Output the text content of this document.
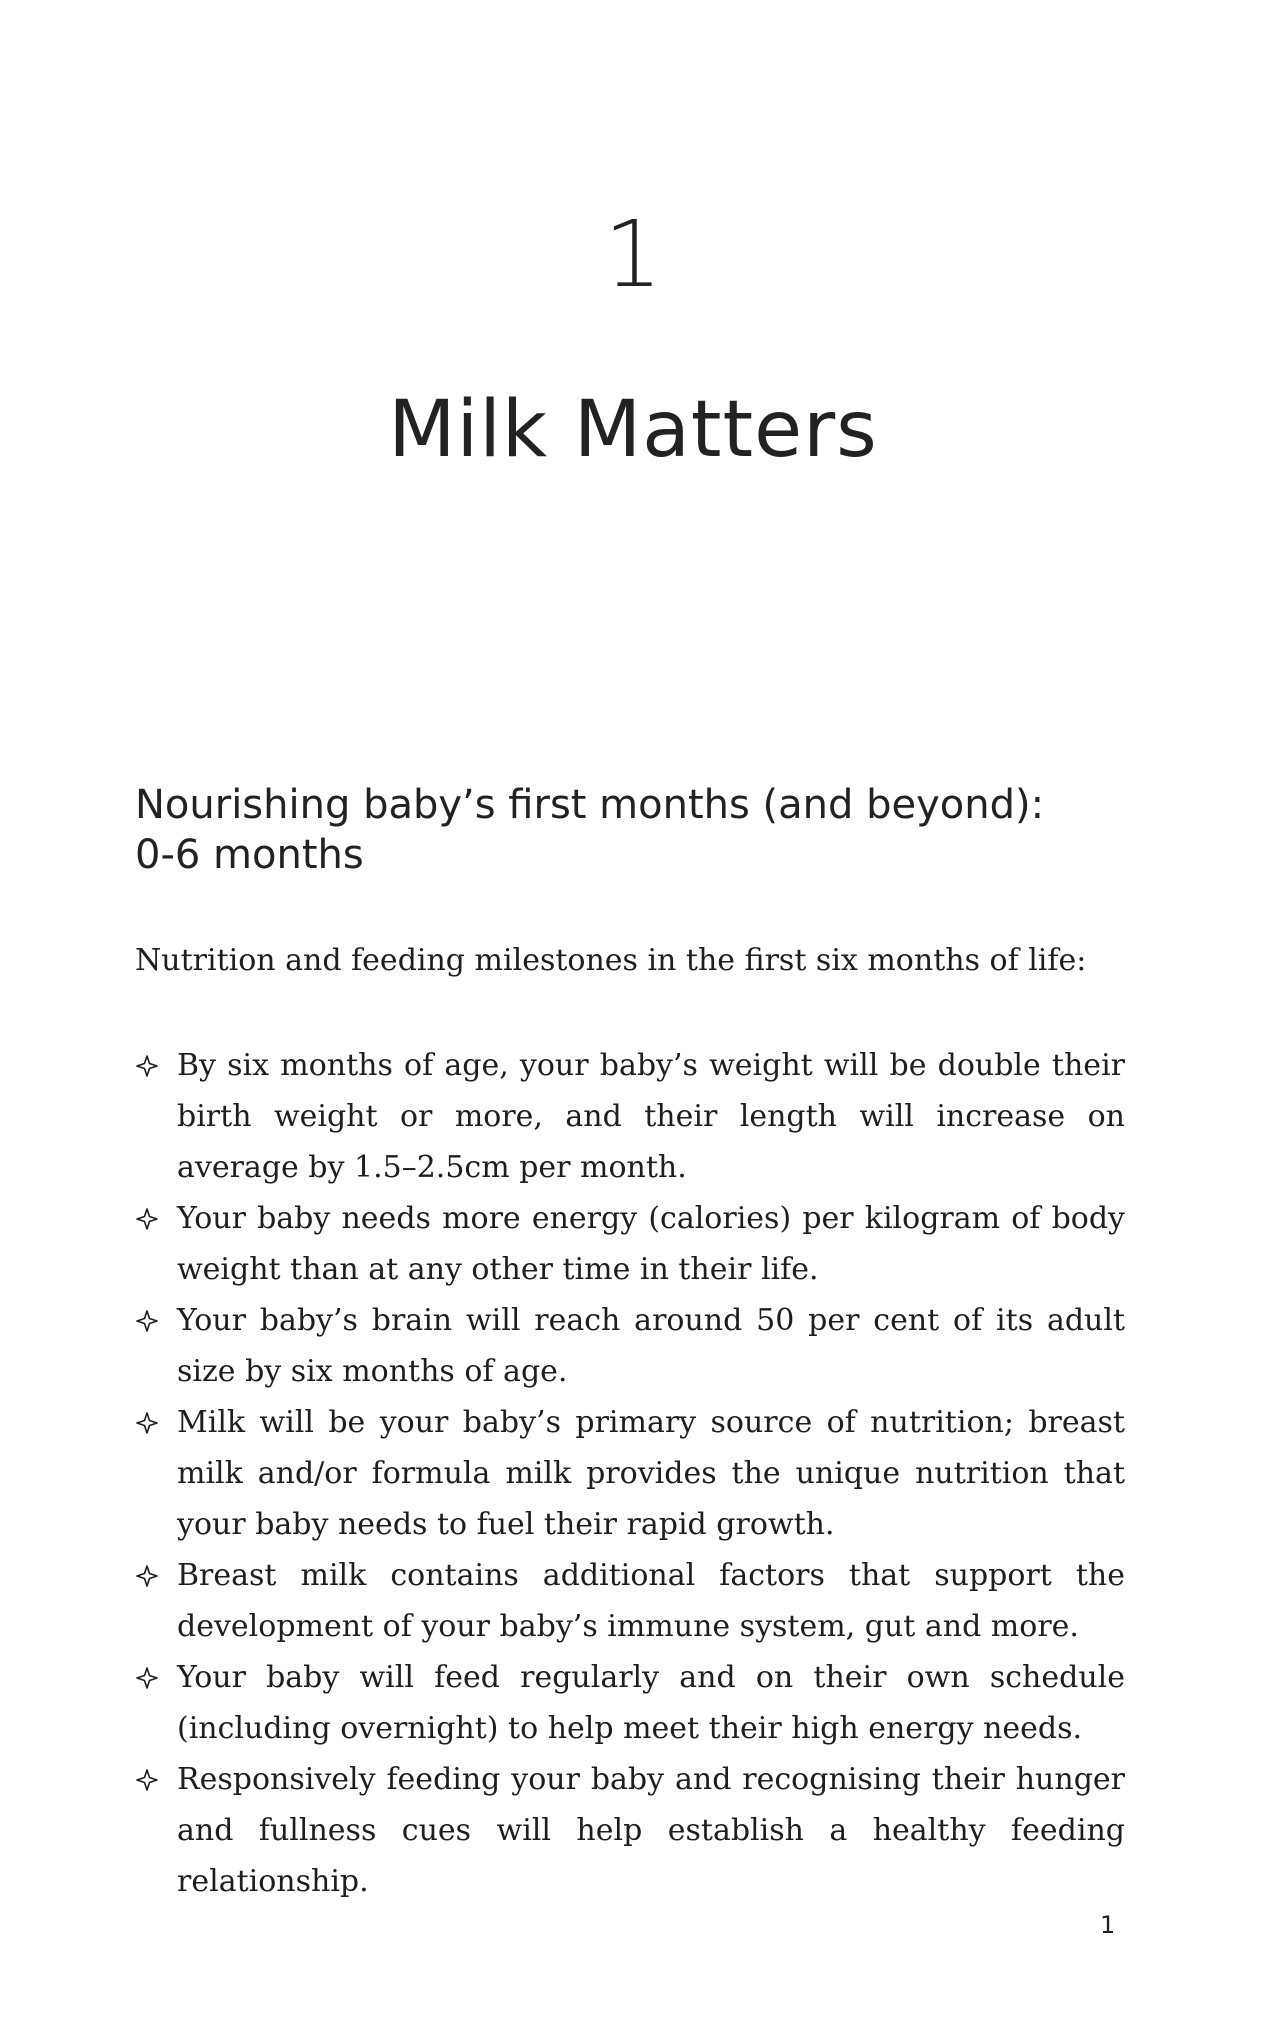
1
Milk Matters
Nourishing baby’s first months (and beyond):
0-6 months
Nutrition and feeding milestones in the first six months of life:
By six months of age, your baby’s weight will be double their birth weight or more, and their length will increase on average by 1.5–2.5cm per month.
Your baby needs more energy (calories) per kilogram of body weight than at any other time in their life.
Your baby’s brain will reach around 50 per cent of its adult size by six months of age.
Milk will be your baby’s primary source of nutrition; breast milk and/or formula milk provides the unique nutrition that your baby needs to fuel their rapid growth.
Breast milk contains additional factors that support the development of your baby’s immune system, gut and more.
Your baby will feed regularly and on their own schedule (including overnight) to help meet their high energy needs.
Responsively feeding your baby and recognising their hunger and fullness cues will help establish a healthy feeding relationship.
1
